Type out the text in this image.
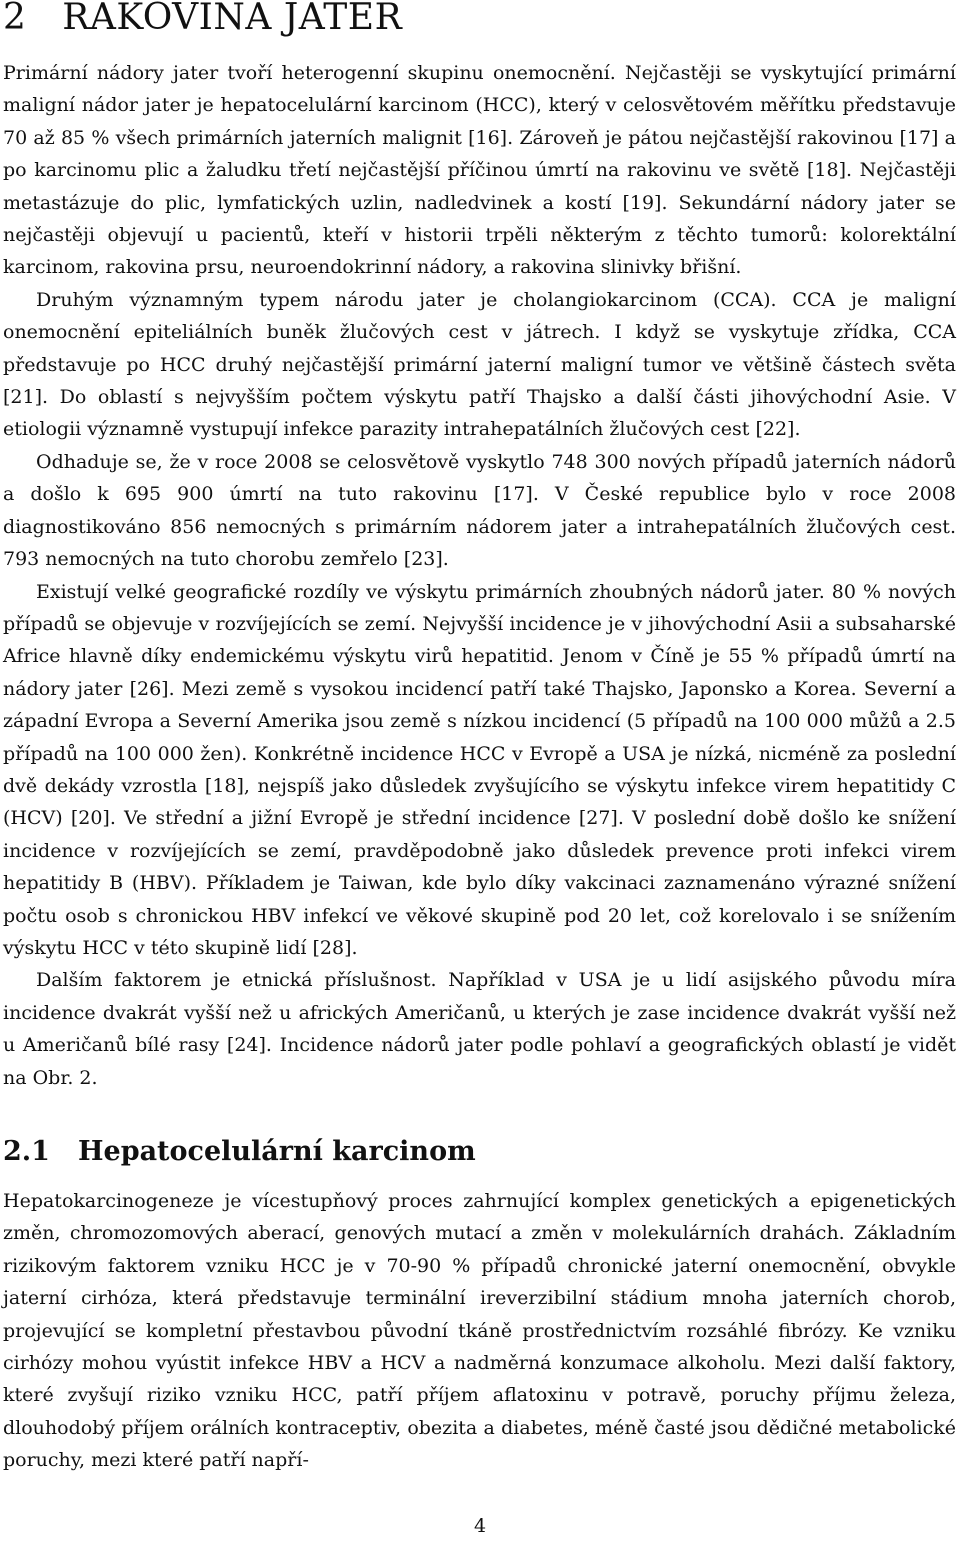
2 RAKOVINA JATER

Primární nádory jater tvoří heterogenní skupinu onemocnění. Nejčastěji se vyskytující primární maligní nádor jater je hepatocelulární karcinom (HCC), který v celosvětovém měřítku představuje 70 až 85 % všech primárních jaterních malignit [16]. Zároveň je pátou nejčastější rakovinou [17] a po karcinomu plic a žaludku třetí nejčastější příčinou úmrtí na rakovinu ve světě [18]. Nejčastěji metastázuje do plic, lymfatických uzlin, nadledvinek a kostí [19]. Sekundární nádory jater se nejčastěji objevují u pacientů, kteří v historii trpěli některým z těchto tumorů: kolorektální karcinom, rakovina prsu, neuroendokrinní nádory, a rakovina slinivky břišní.

Druhým významným typem národu jater je cholangiokarcinom (CCA). CCA je maligní onemocnění epiteliálních buněk žlučových cest v játrech. I když se vyskytuje zřídka, CCA představuje po HCC druhý nejčastější primární jaterní maligní tumor ve většině částech světa [21]. Do oblastí s nejvyšším počtem výskytu patří Thajsko a další části jihovýchodní Asie. V etiologii významně vystupují infekce parazity intrahepatálních žlučových cest [22].

Odhaduje se, že v roce 2008 se celosvětově vyskytlo 748 300 nových případů jaterních nádorů a došlo k 695 900 úmrtí na tuto rakovinu [17]. V České republice bylo v roce 2008 diagnostikováno 856 nemocných s primárním nádorem jater a intrahepatálních žlučových cest. 793 nemocných na tuto chorobu zemřelo [23].

Existují velké geografické rozdíly ve výskytu primárních zhoubných nádorů jater. 80 % nových případů se objevuje v rozvíjejících se zemí. Nejvyšší incidence je v jihovýchodní Asii a subsaharské Africe hlavně díky endemickému výskytu virů hepatitid. Jenom v Číně je 55 % případů úmrtí na nádory jater [26]. Mezi země s vysokou incidencí patří také Thajsko, Japonsko a Korea. Severní a západní Evropa a Severní Amerika jsou země s nízkou incidencí (5 případů na 100 000 můžů a 2.5 případů na 100 000 žen). Konkrétně incidence HCC v Evropě a USA je nízká, nicméně za poslední dvě dekády vzrostla [18], nejspíš jako důsledek zvyšujícího se výskytu infekce virem hepatitidy C (HCV) [20]. Ve střední a jižní Evropě je střední incidence [27]. V poslední době došlo ke snížení incidence v rozvíjejících se zemí, pravděpodobně jako důsledek prevence proti infekci virem hepatitidy B (HBV). Příkladem je Taiwan, kde bylo díky vakcinaci zaznamenáno výrazné snížení počtu osob s chronickou HBV infekcí ve věkové skupině pod 20 let, což korelovalo i se snížením výskytu HCC v této skupině lidí [28].

Dalším faktorem je etnická příslušnost. Například v USA je u lidí asijského původu míra incidence dvakrát vyšší než u afrických Američanů, u kterých je zase incidence dvakrát vyšší než u Američanů bílé rasy [24]. Incidence nádorů jater podle pohlaví a geografických oblastí je vidět na Obr. 2.

2.1 Hepatocelulární karcinom

Hepatokarcinogeneze je vícestupňový proces zahrnující komplex genetických a epigenetických změn, chromozomových aberací, genových mutací a změn v molekulárních drahách. Základním rizikovým faktorem vzniku HCC je v 70-90 % případů chronické jaterní onemocnění, obvykle jaterní cirhóza, která představuje terminální ireverzibilní stádium mnoha jaterních chorob, projevující se kompletní přestavbou původní tkáně prostřednictvím rozsáhlé fibrózy. Ke vzniku cirhózy mohou vyústit infekce HBV a HCV a nadměrná konzumace alkoholu. Mezi další faktory, které zvyšují riziko vzniku HCC, patří příjem aflatoxinu v potravě, poruchy příjmu železa, dlouhodobý příjem orálních kontraceptiv, obezita a diabetes, méně časté jsou dědičné metabolické poruchy, mezi které patří napří-

4
